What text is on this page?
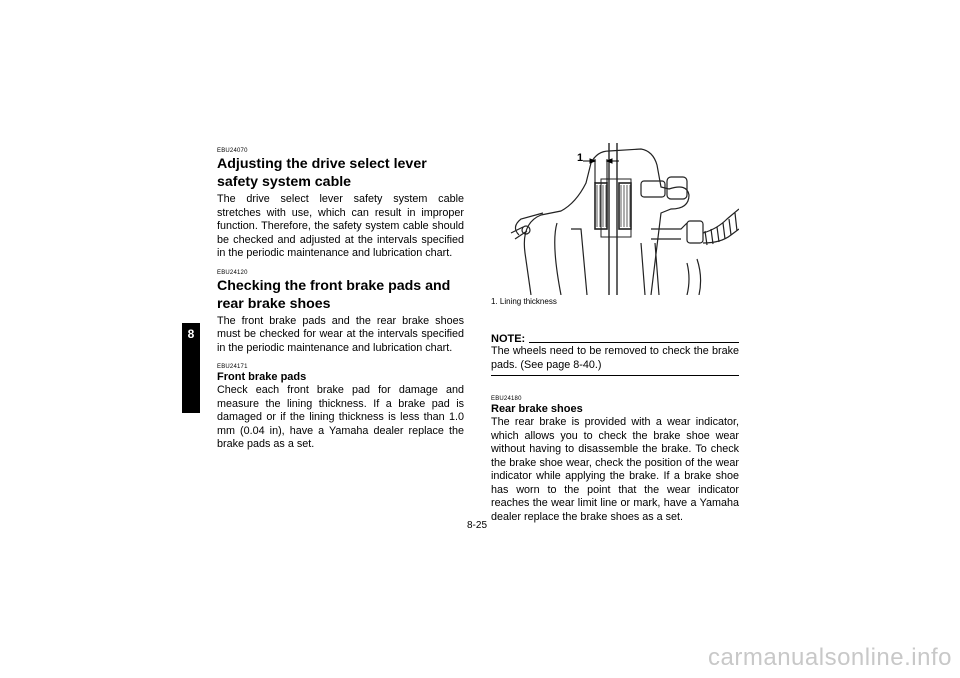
8
EBU24070
Adjusting the drive select lever safety system cable

The drive select lever safety system cable stretches with use, which can result in improper function. Therefore, the safety system cable should be checked and adjusted at the intervals specified in the periodic maintenance and lubrication chart.

EBU24120
Checking the front brake pads and rear brake shoes

The front brake pads and the rear brake shoes must be checked for wear at the intervals specified in the periodic maintenance and lubrication chart.

EBU24171
Front brake pads

Check each front brake pad for damage and measure the lining thickness. If a brake pad is damaged or if the lining thickness is less than 1.0 mm (0.04 in), have a Yamaha dealer replace the brake pads as a set.

1
1. Lining thickness
NOTE:

The wheels need to be removed to check the brake pads. (See page 8-40.)

EBU24180
Rear brake shoes

The rear brake is provided with a wear indicator, which allows you to check the brake shoe wear without having to disassemble the brake. To check the brake shoe wear, check the position of the wear indicator while applying the brake. If a brake shoe has worn to the point that the wear indicator reaches the wear limit line or mark, have a Yamaha dealer replace the brake shoes as a set.

8-25
carmanualsonline.info
